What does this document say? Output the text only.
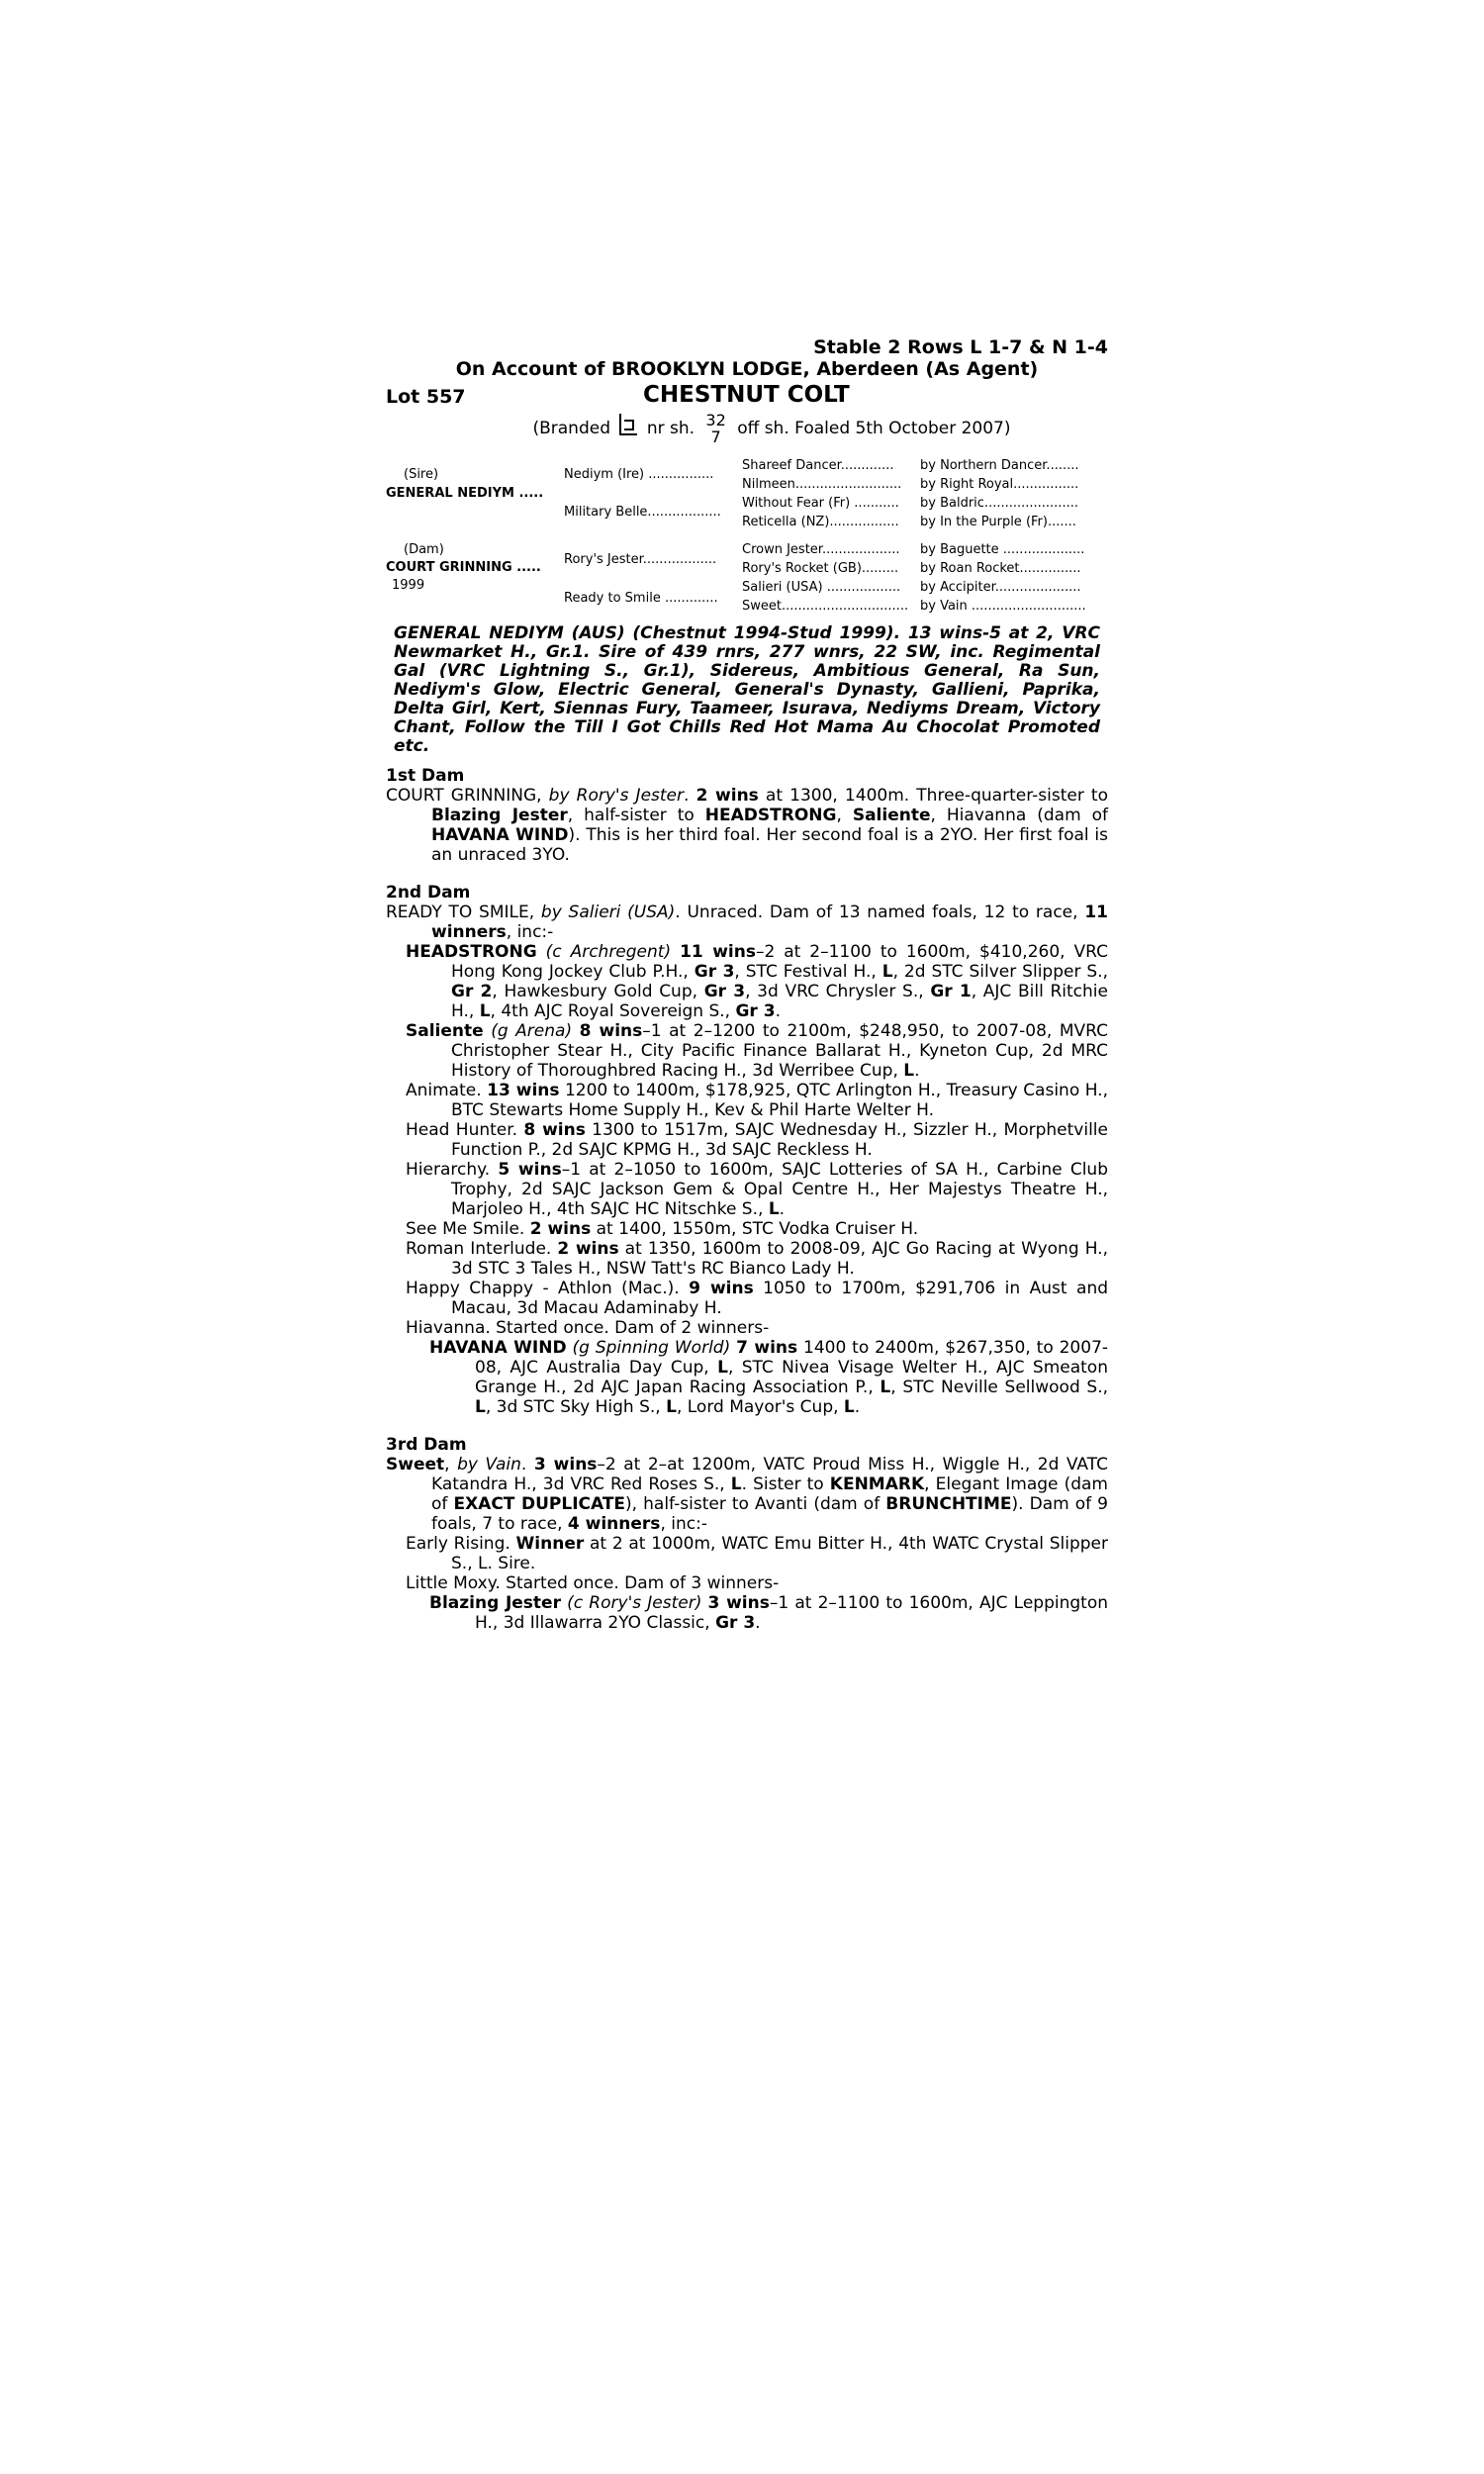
Stable 2 Rows L 1-7 & N 1-4
On Account of BROOKLYN LODGE, Aberdeen (As Agent)
Lot 557	CHESTNUT COLT
(Branded nr sh. 32
7 off sh. Foaled 5th October 2007)
(Sire)
GENERAL NEDIYM .....
(Dam)
COURT GRINNING .....
1999
Nediym (Ire) ................
Military Belle..................
Rory's Jester..................
Ready to Smile .............
Shareef Dancer.............
Nilmeen..........................
Without Fear (Fr) ...........
Reticella (NZ).................
Crown Jester...................
Rory's Rocket (GB).........
Salieri (USA) ..................
Sweet...............................
by Northern Dancer........
by Right Royal................
by Baldric.......................
by In the Purple (Fr).......
by Baguette ....................
by Roan Rocket...............
by Accipiter.....................
by Vain ............................
GENERAL NEDIYM (AUS) (Chestnut 1994-Stud 1999). 13 wins-5 at 2, VRC Newmarket H., Gr.1. Sire of 439 rnrs, 277 wnrs, 22 SW, inc. Regimental Gal (VRC Lightning S., Gr.1), Sidereus, Ambitious General, Ra Sun, Nediym's Glow, Electric General, General's Dynasty, Gallieni, Paprika, Delta Girl, Kert, Siennas Fury, Taameer, Isurava, Nediyms Dream, Victory Chant, Follow the Till I Got Chills Red Hot Mama Au Chocolat Promoted etc.
1st Dam
COURT GRINNING, by Rory's Jester. 2 wins at 1300, 1400m. Three-quarter-sister to Blazing Jester, half-sister to HEADSTRONG, Saliente, Hiavanna (dam of HAVANA WIND). This is her third foal. Her second foal is a 2YO. Her first foal is an unraced 3YO.
2nd Dam
READY TO SMILE, by Salieri (USA). Unraced. Dam of 13 named foals, 12 to race, 11 winners, inc:-
HEADSTRONG (c Archregent) 11 wins–2 at 2–1100 to 1600m, $410,260, VRC Hong Kong Jockey Club P.H., Gr 3, STC Festival H., L, 2d STC Silver Slipper S., Gr 2, Hawkesbury Gold Cup, Gr 3, 3d VRC Chrysler S., Gr 1, AJC Bill Ritchie H., L, 4th AJC Royal Sovereign S., Gr 3.
Saliente (g Arena) 8 wins–1 at 2–1200 to 2100m, $248,950, to 2007-08, MVRC Christopher Stear H., City Pacific Finance Ballarat H., Kyneton Cup, 2d MRC History of Thoroughbred Racing H., 3d Werribee Cup, L.
Animate. 13 wins 1200 to 1400m, $178,925, QTC Arlington H., Treasury Casino H., BTC Stewarts Home Supply H., Kev & Phil Harte Welter H.
Head Hunter. 8 wins 1300 to 1517m, SAJC Wednesday H., Sizzler H., Morphetville Function P., 2d SAJC KPMG H., 3d SAJC Reckless H.
Hierarchy. 5 wins–1 at 2–1050 to 1600m, SAJC Lotteries of SA H., Carbine Club Trophy, 2d SAJC Jackson Gem & Opal Centre H., Her Majestys Theatre H., Marjoleo H., 4th SAJC HC Nitschke S., L.
See Me Smile. 2 wins at 1400, 1550m, STC Vodka Cruiser H.
Roman Interlude. 2 wins at 1350, 1600m to 2008-09, AJC Go Racing at Wyong H., 3d STC 3 Tales H., NSW Tatt's RC Bianco Lady H.
Happy Chappy - Athlon (Mac.). 9 wins 1050 to 1700m, $291,706 in Aust and Macau, 3d Macau Adaminaby H.
Hiavanna. Started once. Dam of 2 winners-
HAVANA WIND (g Spinning World) 7 wins 1400 to 2400m, $267,350, to 2007-08, AJC Australia Day Cup, L, STC Nivea Visage Welter H., AJC Smeaton Grange H., 2d AJC Japan Racing Association P., L, STC Neville Sellwood S., L, 3d STC Sky High S., L, Lord Mayor's Cup, L.
3rd Dam
Sweet, by Vain. 3 wins–2 at 2–at 1200m, VATC Proud Miss H., Wiggle H., 2d VATC Katandra H., 3d VRC Red Roses S., L. Sister to KENMARK, Elegant Image (dam of EXACT DUPLICATE), half-sister to Avanti (dam of BRUNCHTIME). Dam of 9 foals, 7 to race, 4 winners, inc:-
Early Rising. Winner at 2 at 1000m, WATC Emu Bitter H., 4th WATC Crystal Slipper S., L. Sire.
Little Moxy. Started once. Dam of 3 winners-
Blazing Jester (c Rory's Jester) 3 wins–1 at 2–1100 to 1600m, AJC Leppington H., 3d Illawarra 2YO Classic, Gr 3.
